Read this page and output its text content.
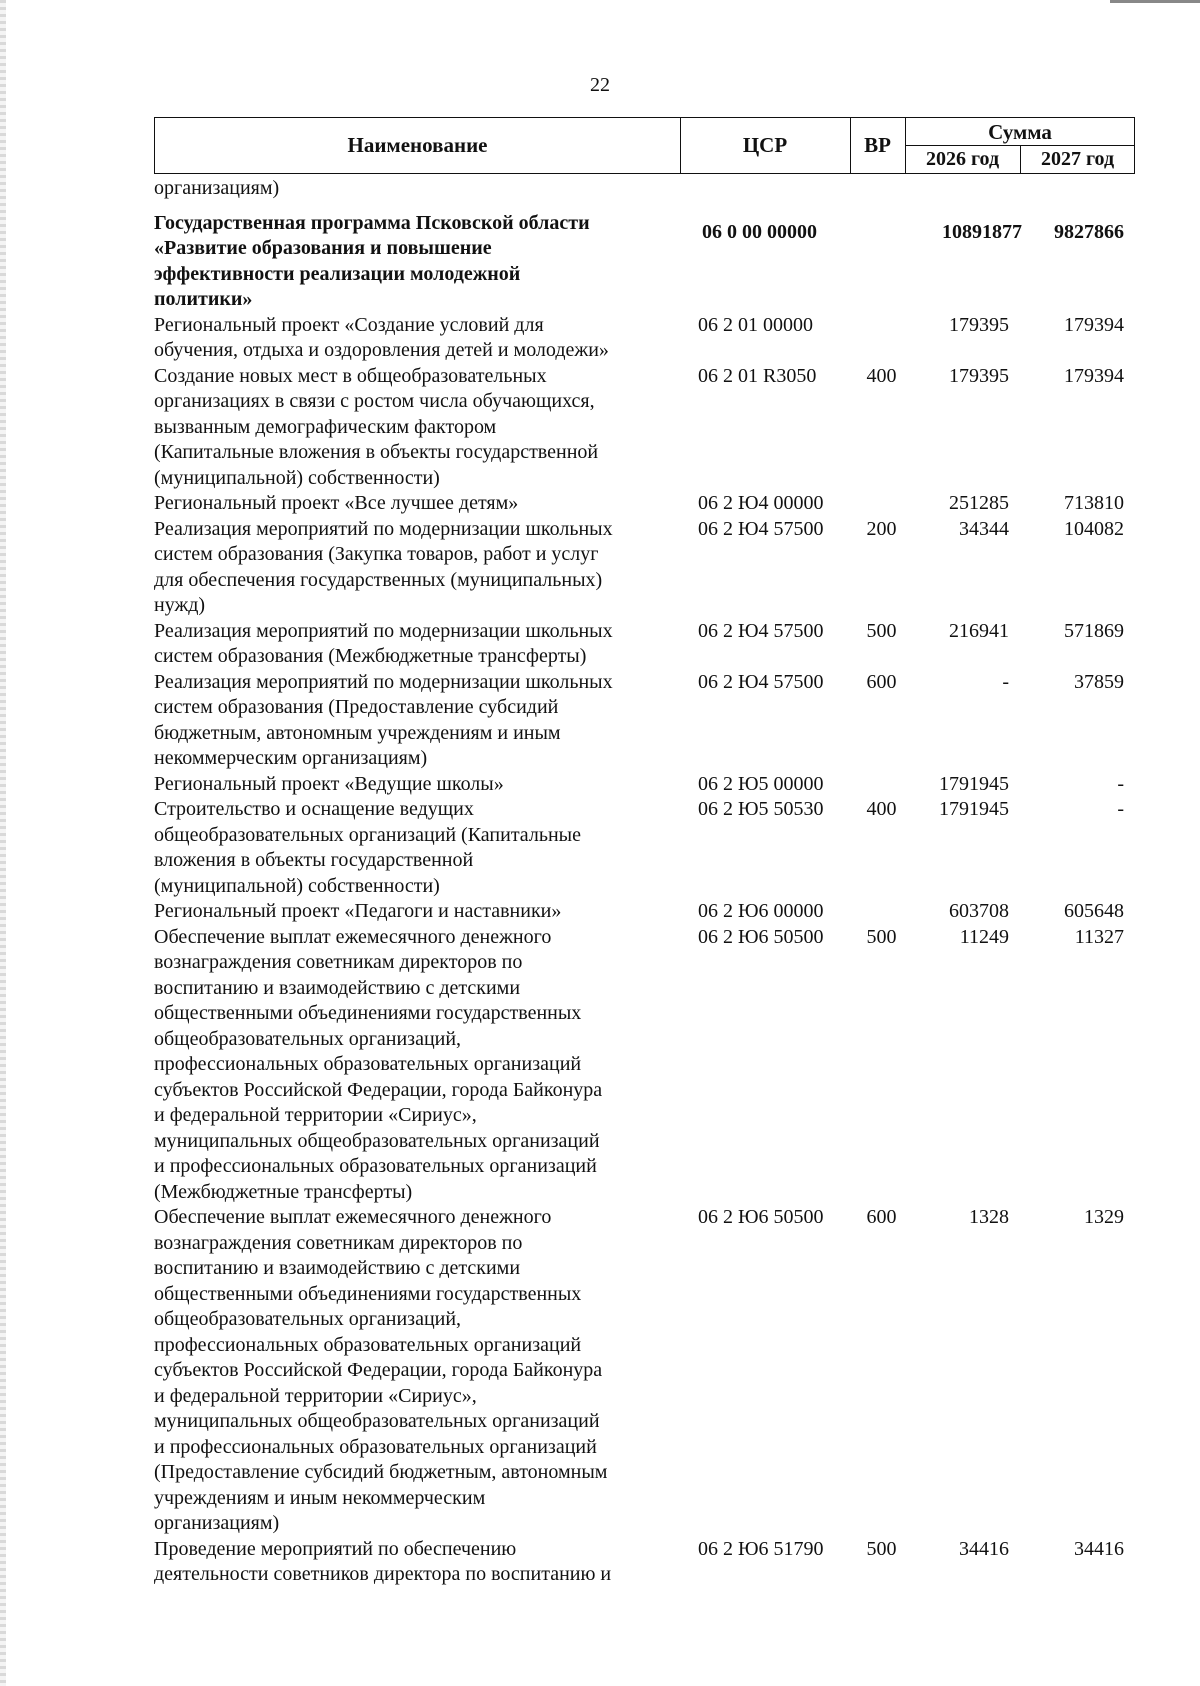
22
Наименование	ЦСР	ВР
Сумма
2026 год	2027 год
организациям)
Государственная программа Псковской области
«Развитие образования и повышение
эффективности реализации молодежной
политики»
06 0 00 00000	10891877	9827866
Региональный проект «Создание условий для
обучения, отдыха и оздоровления детей и молодежи»
06 2 01 00000	179395	179394
Создание новых мест в общеобразовательных
организациях в связи с ростом числа обучающихся,
вызванным демографическим фактором
(Капитальные вложения в объекты государственной
(муниципальной) собственности)
06 2 01 R3050	400	179395	179394
Региональный проект «Все лучшее детям»	06 2 Ю4 00000	251285	713810
Реализация мероприятий по модернизации школьных
систем образования (Закупка товаров, работ и услуг
для обеспечения государственных (муниципальных)
нужд)
06 2 Ю4 57500	200	34344	104082
Реализация мероприятий по модернизации школьных
систем образования (Межбюджетные трансферты)
06 2 Ю4 57500	500	216941	571869
Реализация мероприятий по модернизации школьных
систем образования (Предоставление субсидий
бюджетным, автономным учреждениям и иным
некоммерческим организациям)
06 2 Ю4 57500	600	-	37859
Региональный проект «Ведущие школы»	06 2 Ю5 00000	1791945	-
Строительство и оснащение ведущих
общеобразовательных организаций (Капитальные
вложения в объекты государственной
(муниципальной) собственности)
06 2 Ю5 50530	400	1791945	-
Региональный проект «Педагоги и наставники»	06 2 Ю6 00000	603708	605648
Обеспечение выплат ежемесячного денежного
вознаграждения советникам директоров по
воспитанию и взаимодействию с детскими
общественными объединениями государственных
общеобразовательных организаций,
профессиональных образовательных организаций
субъектов Российской Федерации, города Байконура
и федеральной территории «Сириус»,
муниципальных общеобразовательных организаций
и профессиональных образовательных организаций
(Межбюджетные трансферты)
06 2 Ю6 50500	500	11249	11327
Обеспечение выплат ежемесячного денежного
вознаграждения советникам директоров по
воспитанию и взаимодействию с детскими
общественными объединениями государственных
общеобразовательных организаций,
профессиональных образовательных организаций
субъектов Российской Федерации, города Байконура
и федеральной территории «Сириус»,
муниципальных общеобразовательных организаций
и профессиональных образовательных организаций
(Предоставление субсидий бюджетным, автономным
учреждениям и иным некоммерческим
организациям)
06 2 Ю6 50500	600	1328	1329
Проведение мероприятий по обеспечению
деятельности советников директора по воспитанию и
06 2 Ю6 51790	500	34416	34416
